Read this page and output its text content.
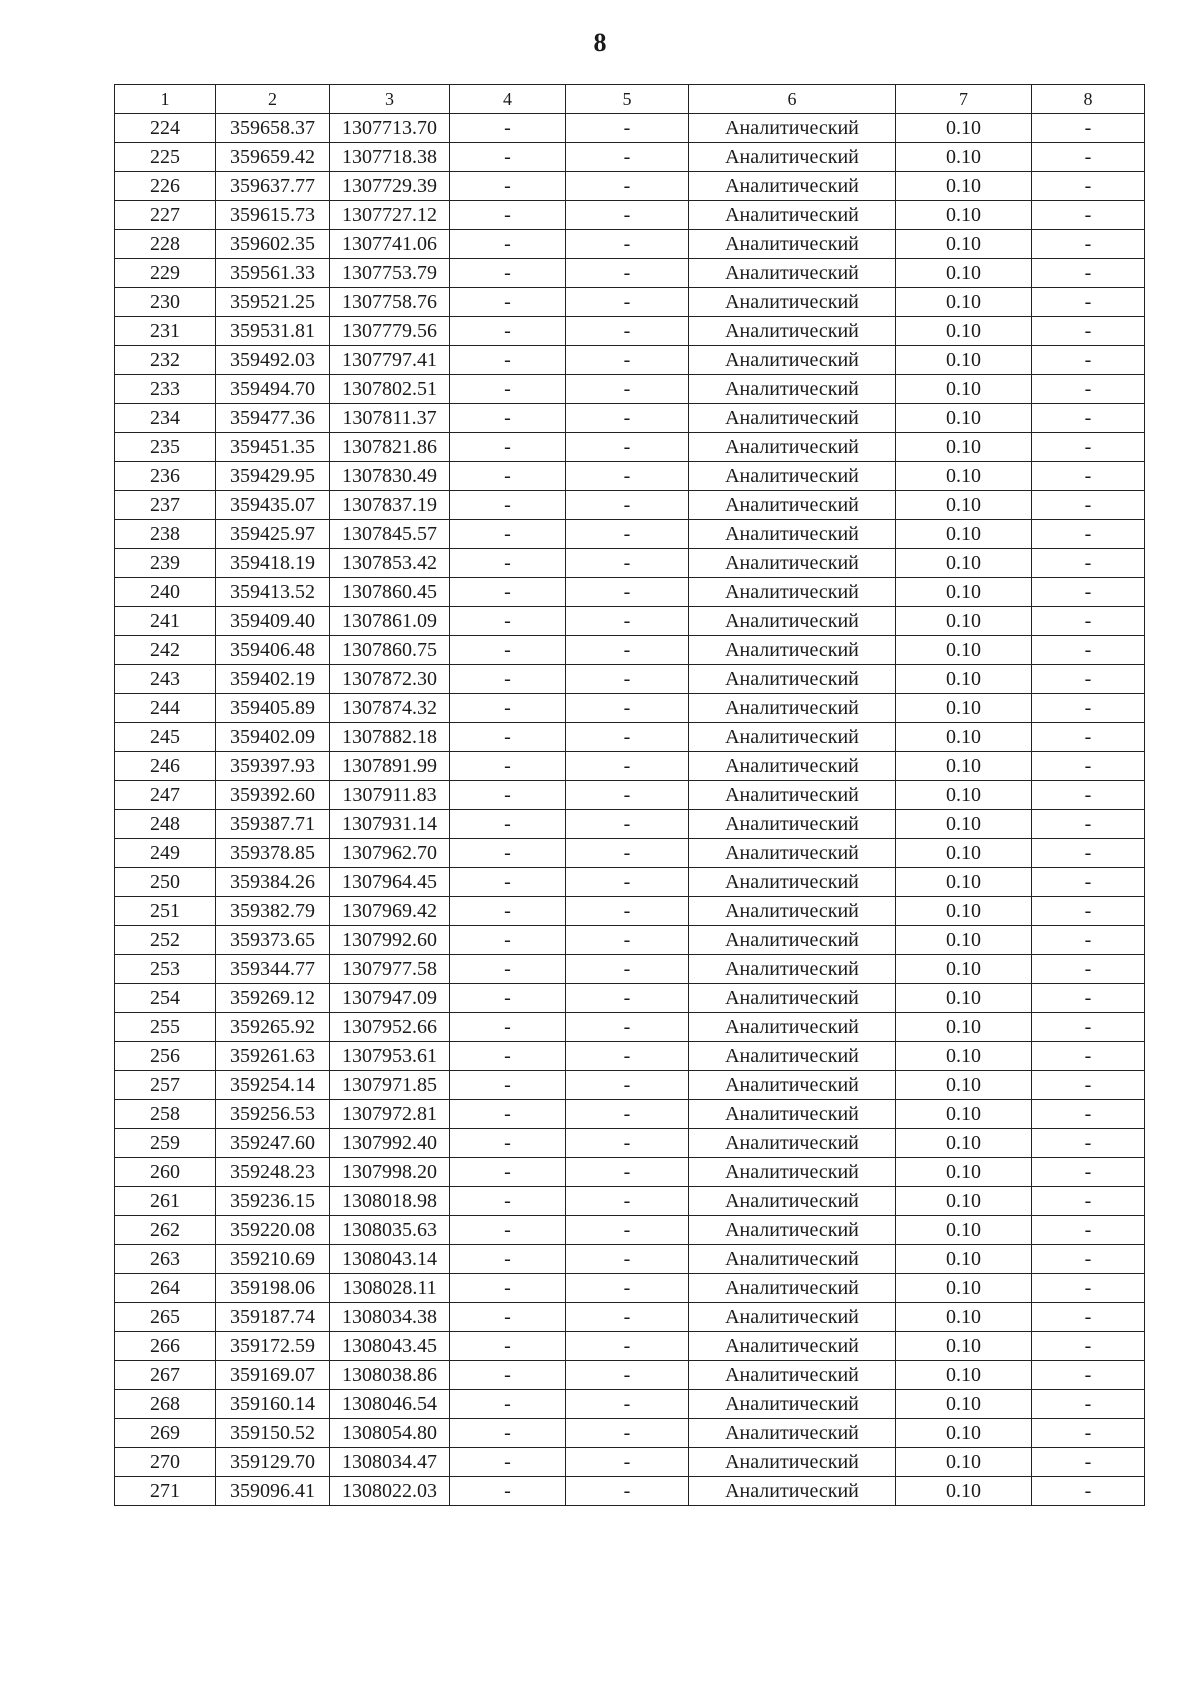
8
1	2	3	4	5	6	7	8
224	359658.37	1307713.70	-	-	Аналитический	0.10	-
225	359659.42	1307718.38	-	-	Аналитический	0.10	-
226	359637.77	1307729.39	-	-	Аналитический	0.10	-
227	359615.73	1307727.12	-	-	Аналитический	0.10	-
228	359602.35	1307741.06	-	-	Аналитический	0.10	-
229	359561.33	1307753.79	-	-	Аналитический	0.10	-
230	359521.25	1307758.76	-	-	Аналитический	0.10	-
231	359531.81	1307779.56	-	-	Аналитический	0.10	-
232	359492.03	1307797.41	-	-	Аналитический	0.10	-
233	359494.70	1307802.51	-	-	Аналитический	0.10	-
234	359477.36	1307811.37	-	-	Аналитический	0.10	-
235	359451.35	1307821.86	-	-	Аналитический	0.10	-
236	359429.95	1307830.49	-	-	Аналитический	0.10	-
237	359435.07	1307837.19	-	-	Аналитический	0.10	-
238	359425.97	1307845.57	-	-	Аналитический	0.10	-
239	359418.19	1307853.42	-	-	Аналитический	0.10	-
240	359413.52	1307860.45	-	-	Аналитический	0.10	-
241	359409.40	1307861.09	-	-	Аналитический	0.10	-
242	359406.48	1307860.75	-	-	Аналитический	0.10	-
243	359402.19	1307872.30	-	-	Аналитический	0.10	-
244	359405.89	1307874.32	-	-	Аналитический	0.10	-
245	359402.09	1307882.18	-	-	Аналитический	0.10	-
246	359397.93	1307891.99	-	-	Аналитический	0.10	-
247	359392.60	1307911.83	-	-	Аналитический	0.10	-
248	359387.71	1307931.14	-	-	Аналитический	0.10	-
249	359378.85	1307962.70	-	-	Аналитический	0.10	-
250	359384.26	1307964.45	-	-	Аналитический	0.10	-
251	359382.79	1307969.42	-	-	Аналитический	0.10	-
252	359373.65	1307992.60	-	-	Аналитический	0.10	-
253	359344.77	1307977.58	-	-	Аналитический	0.10	-
254	359269.12	1307947.09	-	-	Аналитический	0.10	-
255	359265.92	1307952.66	-	-	Аналитический	0.10	-
256	359261.63	1307953.61	-	-	Аналитический	0.10	-
257	359254.14	1307971.85	-	-	Аналитический	0.10	-
258	359256.53	1307972.81	-	-	Аналитический	0.10	-
259	359247.60	1307992.40	-	-	Аналитический	0.10	-
260	359248.23	1307998.20	-	-	Аналитический	0.10	-
261	359236.15	1308018.98	-	-	Аналитический	0.10	-
262	359220.08	1308035.63	-	-	Аналитический	0.10	-
263	359210.69	1308043.14	-	-	Аналитический	0.10	-
264	359198.06	1308028.11	-	-	Аналитический	0.10	-
265	359187.74	1308034.38	-	-	Аналитический	0.10	-
266	359172.59	1308043.45	-	-	Аналитический	0.10	-
267	359169.07	1308038.86	-	-	Аналитический	0.10	-
268	359160.14	1308046.54	-	-	Аналитический	0.10	-
269	359150.52	1308054.80	-	-	Аналитический	0.10	-
270	359129.70	1308034.47	-	-	Аналитический	0.10	-
271	359096.41	1308022.03	-	-	Аналитический	0.10	-
